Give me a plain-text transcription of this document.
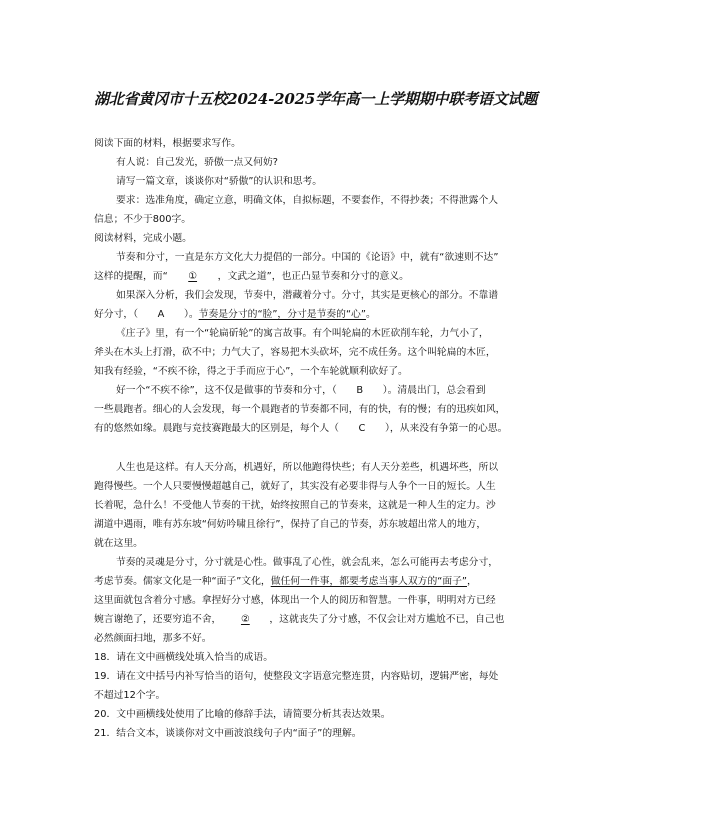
湖北省黄冈市十五校2024-2025学年高一上学期期中联考语文试题
阅读下面的材料，根据要求写作。
有人说：自己发光，骄傲一点又何妨?
请写一篇文章，谈谈你对“骄傲”的认识和思考。
要求：选准角度，确定立意，明确文体，自拟标题，不要套作，不得抄袭；不得泄露个人
信息；不少于800字。
阅读材料，完成小题。
节奏和分寸，一直是东方文化大力提倡的一部分。中国的《论语》中，就有“欲速则不达”
这样的提醒，而“ ① ，文武之道”，也正凸显节奏和分寸的意义。
如果深入分析，我们会发现，节奏中，潜藏着分寸。分寸，其实是更核心的部分。不靠谱
好分寸，（　　A　　）。节奏是分寸的“脸”，分寸是节奏的“心”。
《庄子》里，有一个“轮扁斫轮”的寓言故事。有个叫轮扁的木匠砍削车轮，力气小了，
斧头在木头上打滑，砍不中；力气大了，容易把木头砍坏，完不成任务。这个叫轮扁的木匠，
知我有经验，“不疾不徐，得之于手而应于心”，一个车轮就顺利砍好了。
好一个“不疾不徐”，这不仅是做事的节奏和分寸，（　　B　　）。清晨出门，总会看到
一些晨跑者。细心的人会发现，每一个晨跑者的节奏都不同，有的快，有的慢；有的迅疾如风，
有的悠然如缘。晨跑与竞技赛跑最大的区别是，每个人（　　C　　），从来没有争第一的心思。
人生也是这样。有人天分高，机遇好，所以他跑得快些；有人天分差些，机遇坏些，所以
跑得慢些。一个人只要慢慢超越自己，就好了，其实没有必要非得与人争个一日的短长。人生
长着呢，急什么！不受他人节奏的干扰，始终按照自己的节奏来，这就是一种人生的定力。沙
湖道中遇雨，唯有苏东坡“何妨吟啸且徐行”，保持了自己的节奏，苏东坡超出常人的地方，
就在这里。
节奏的灵魂是分寸，分寸就是心性。做事乱了心性，就会乱来，怎么可能再去考虑分寸，
考虑节奏。儒家文化是一种“面子”文化，做任何一件事，都要考虑当事人双方的“面子”，
这里面就包含着分寸感。拿捏好分寸感，体现出一个人的阅历和智慧。一件事，明明对方已经
婉言谢绝了，还要穷追不舍， ② ，这就丧失了分寸感，不仅会让对方尴尬不已，自己也
必然颜面扫地，那多不好。
18．请在文中画横线处填入恰当的成语。
19．请在文中括号内补写恰当的语句，使整段文字语意完整连贯，内容贴切，逻辑严密，每处
不超过12个字。
20．文中画横线处使用了比喻的修辞手法，请简要分析其表达效果。
21．结合文本，谈谈你对文中画波浪线句子内“面子”的理解。
